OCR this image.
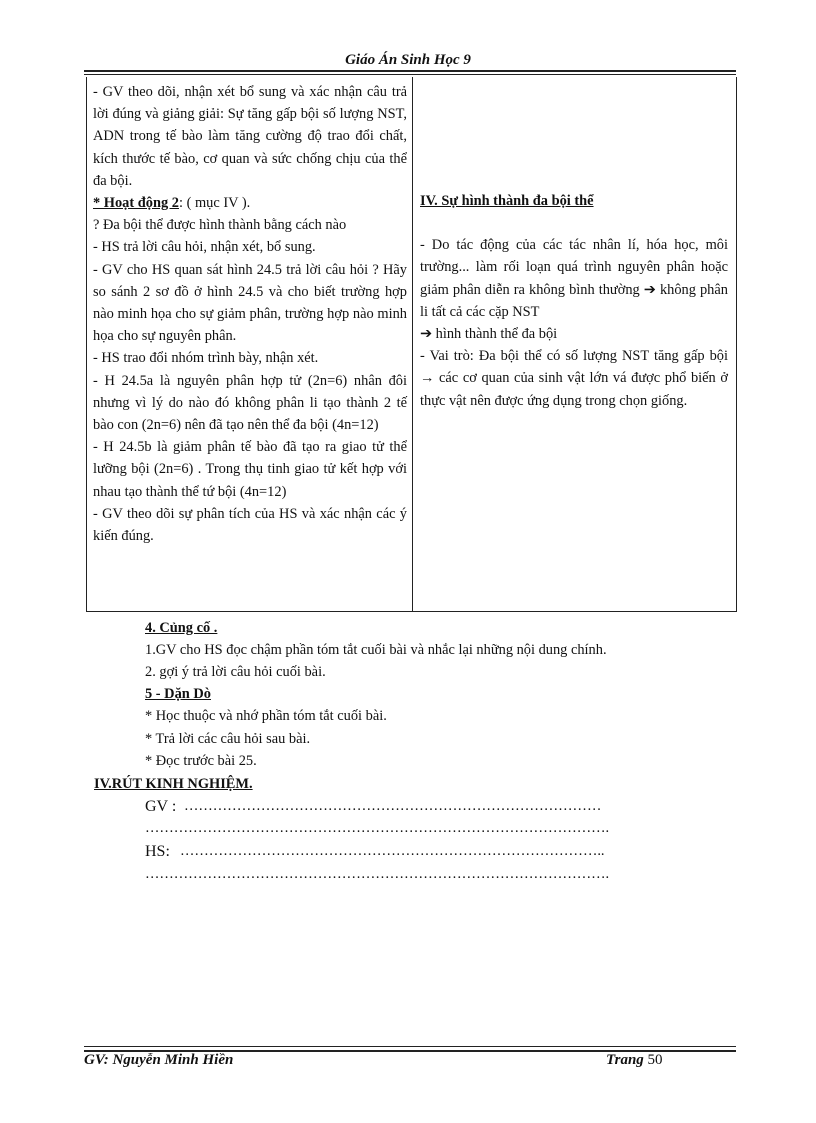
Giáo Án Sinh Học 9

- GV theo dõi, nhận xét bổ sung và xác nhận câu trả lời đúng và giảng giải: Sự tăng gấp bội số lượng NST, ADN trong tế bào làm tăng cường độ trao đổi chất, kích thước tế bào, cơ quan và sức chống chịu của thể đa bội.

* Hoạt động 2: ( mục IV ).

? Đa bội thể được hình thành bằng cách nào

- HS trả lời câu hỏi, nhận xét, bổ sung.

- GV cho HS quan sát hình 24.5 trả lời câu hỏi ? Hãy so sánh 2 sơ đồ ở hình 24.5 và cho biết trường hợp nào minh họa cho sự giảm phân, trường hợp nào minh họa cho sự nguyên phân.

- HS trao đổi nhóm trình bày, nhận xét.

- H 24.5a là nguyên phân hợp tử (2n=6) nhân đôi nhưng vì lý do nào đó không phân li tạo thành 2 tế bào con (2n=6) nên đã tạo nên thể đa bội (4n=12)

- H 24.5b là giảm phân tế bào đã tạo ra giao tử thể lưỡng bội (2n=6) . Trong thụ tinh giao tử kết hợp với nhau tạo thành thể tứ bội (4n=12)

- GV theo dõi sự phân tích của HS và xác nhận các ý kiến đúng.

IV. Sự hình thành đa bội thể

- Do tác động của các tác nhân lí, hóa học, môi trường... làm rối loạn quá trình nguyên phân hoặc giảm phân diễn ra không bình thường ➔ không phân li tất cả các cặp NST

➔ hình thành thể đa bội

- Vai trò: Đa bội thể có số lượng NST tăng gấp bội → các cơ quan của sinh vật lớn vá được phổ biến ở thực vật nên được ứng dụng trong chọn giống.

4. Củng cố .
1.GV cho HS đọc chậm phần tóm tắt cuối bài và nhắc lại những nội dung chính.
2. gợi ý trả lời câu hỏi cuối bài.
5 - Dặn Dò
* Học thuộc và nhớ phần tóm tắt cuối bài.
* Trả lời các câu hỏi sau bài.
* Đọc trước bài 25.
IV.RÚT KINH NGHIỆM.
GV : ……………………………………………………………………………
…………………………………………………………………………………….
HS: ……………………………………………………………………………..
…………………………………………………………………………………….
GV: Nguyễn Minh Hiền	Trang 50
